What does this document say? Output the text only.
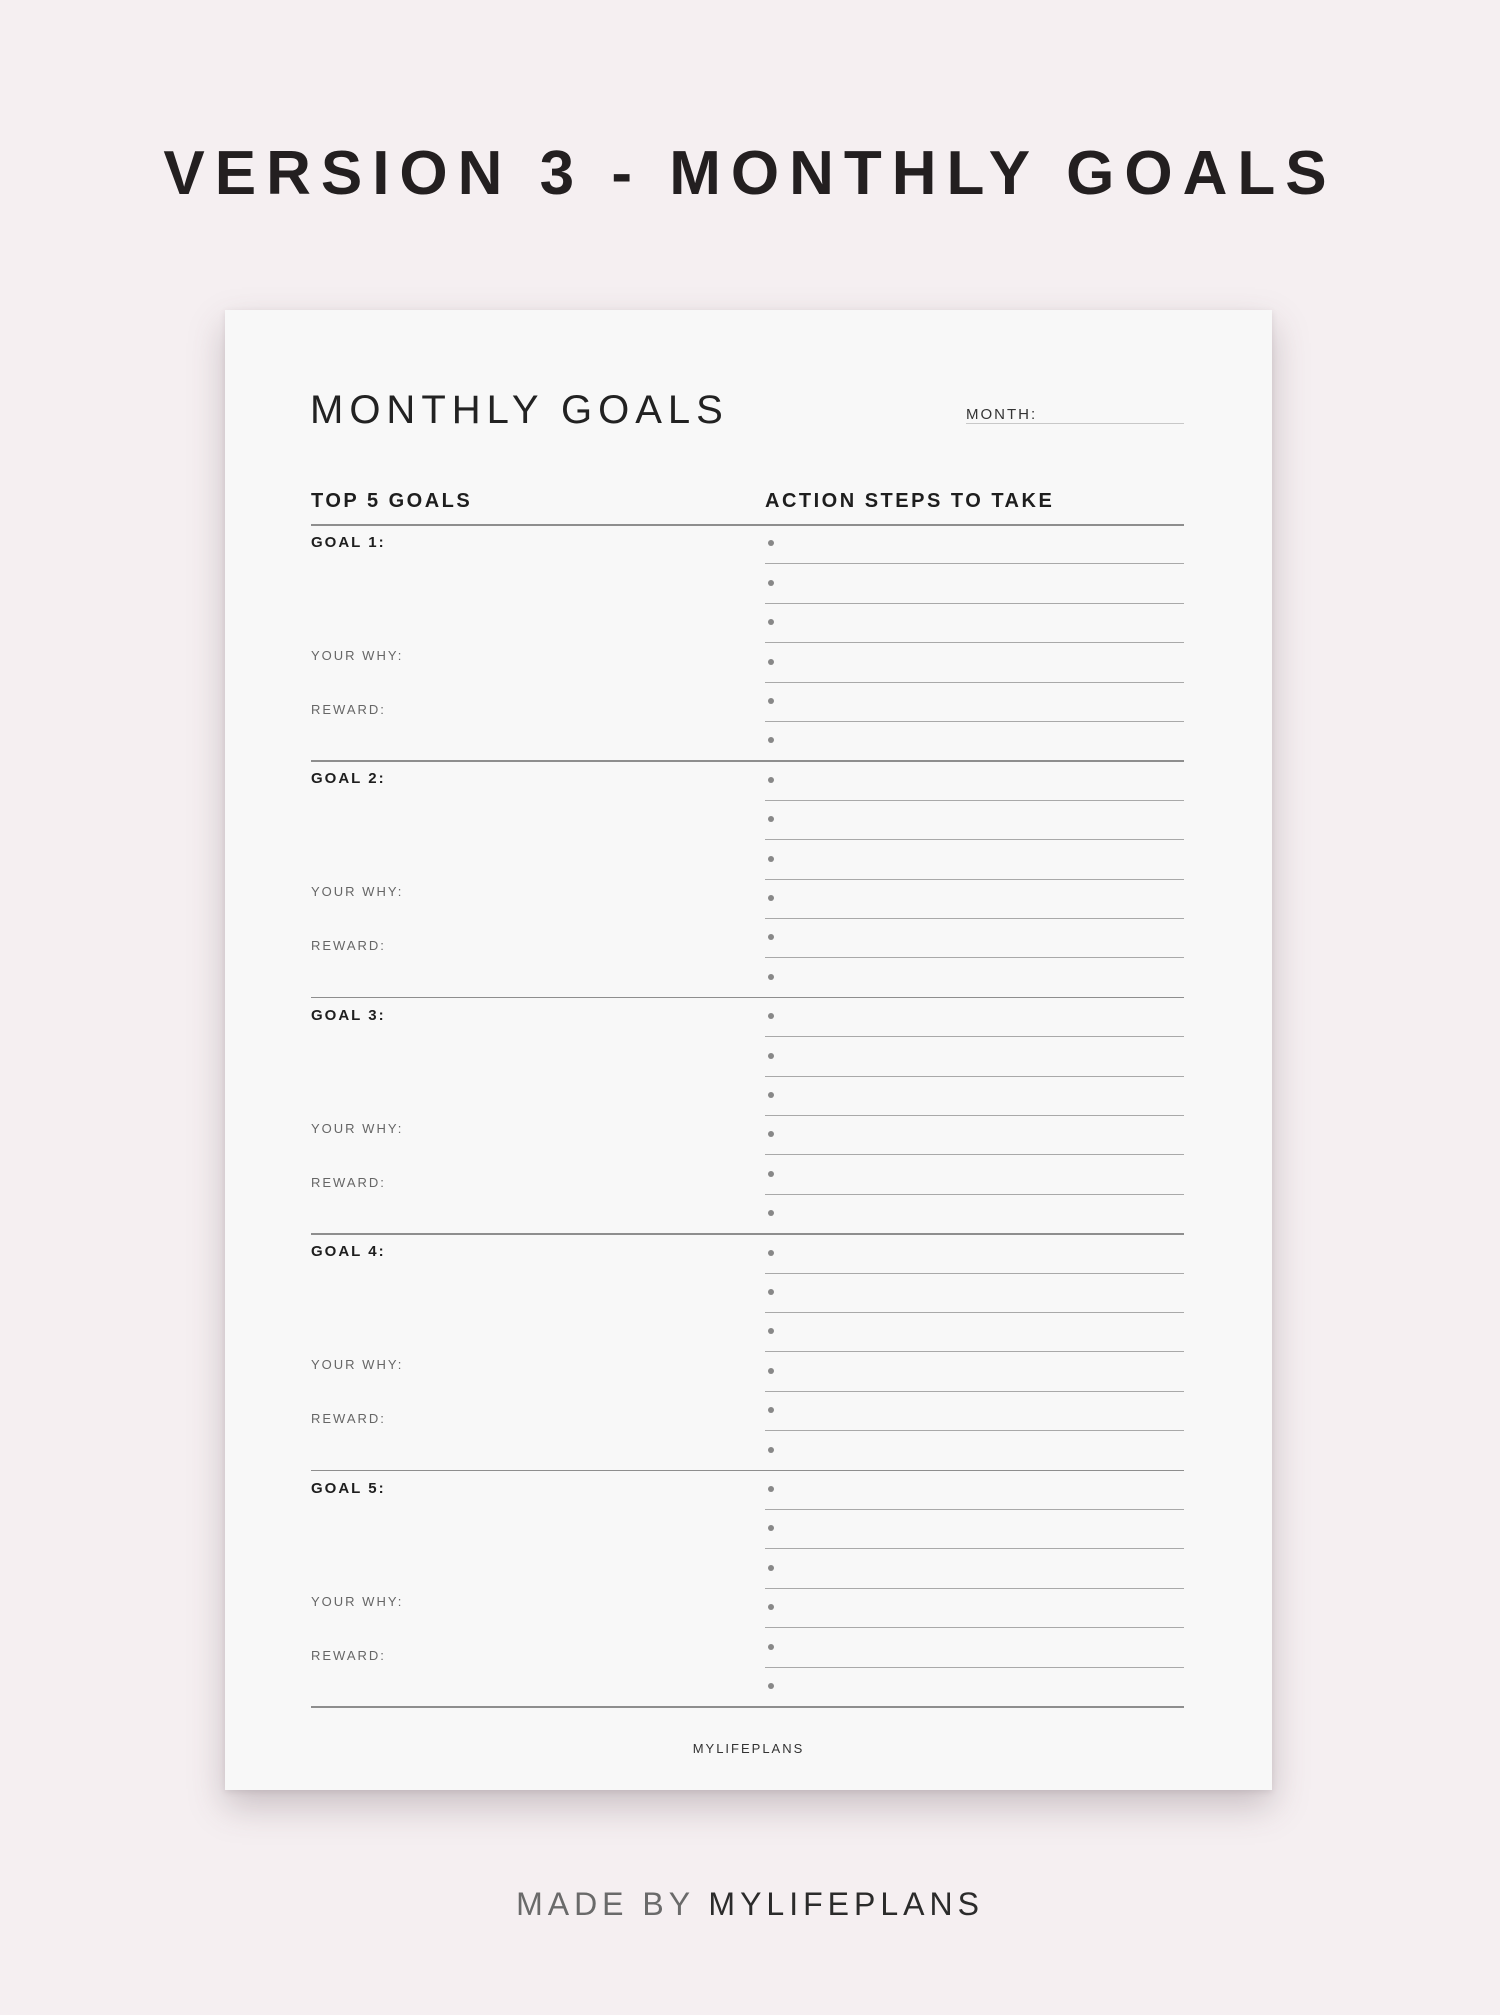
VERSION 3 - MONTHLY GOALS
MONTHLY GOALS	MONTH:
TOP 5 GOALS	ACTION STEPS TO TAKE
GOAL 1:
YOUR WHY:
REWARD:
GOAL 2:
YOUR WHY:
REWARD:
GOAL 3:
YOUR WHY:
REWARD:
GOAL 4:
YOUR WHY:
REWARD:
GOAL 5:
YOUR WHY:
REWARD:
MYLIFEPLANS
MADE BY MYLIFEPLANS
